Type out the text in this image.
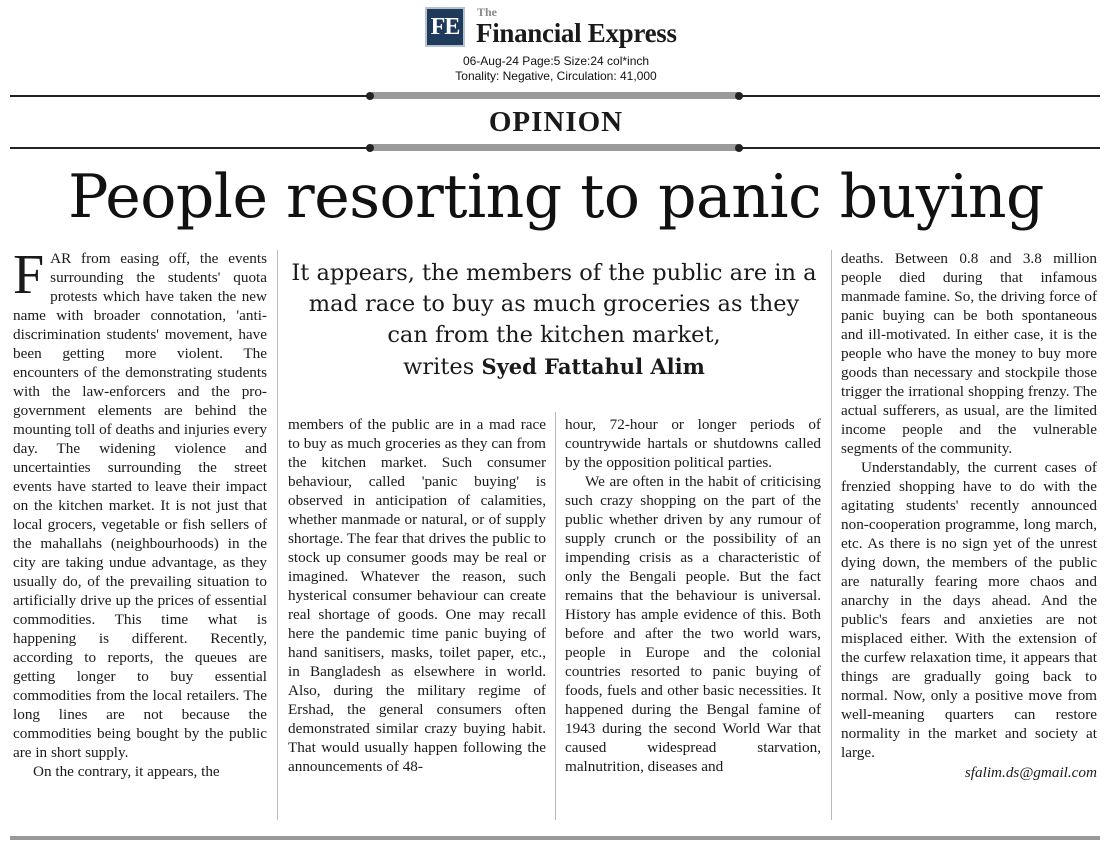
FE
The
Financial Express
06-Aug-24 Page:5 Size:24 col*inch
Tonality: Negative, Circulation: 41,000
OPINION
People resorting to panic buying
It appears, the members of the public are in a mad race to buy as much groceries as they can from the kitchen market,
writes Syed Fattahul Alim

FAR from easing off, the events surrounding the students' quota protests which have taken the new name with broader connotation, 'anti-discrimination students' movement, have been getting more violent. The encounters of the demonstrating students with the law-enforcers and the pro-government elements are behind the mounting toll of deaths and injuries every day. The widening violence and uncertainties surrounding the street events have started to leave their impact on the kitchen market. It is not just that local grocers, vegetable or fish sellers of the mahallahs (neighbourhoods) in the city are taking undue advantage, as they usually do, of the prevailing situation to artificially drive up the prices of essential commodities. This time what is happening is different. Recently, according to reports, the queues are getting longer to buy essential commodities from the local retailers. The long lines are not because the commodities being bought by the public are in short supply.

On the contrary, it appears, the

members of the public are in a mad race to buy as much groceries as they can from the kitchen market. Such consumer behaviour, called 'panic buying' is observed in anticipation of calamities, whether manmade or natural, or of supply shortage. The fear that drives the public to stock up consumer goods may be real or imagined. Whatever the reason, such hysterical consumer behaviour can create real shortage of goods. One may recall here the pandemic time panic buying of hand sanitisers, masks, toilet paper, etc., in Bangladesh as elsewhere in world. Also, during the military regime of Ershad, the general consumers often demonstrated similar crazy buying habit. That would usually happen following the announcements of 48-

hour, 72-hour or longer periods of countrywide hartals or shutdowns called by the opposition political parties.

We are often in the habit of criticising such crazy shopping on the part of the public whether driven by any rumour of supply crunch or the possibility of an impending crisis as a characteristic of only the Bengali people. But the fact remains that the behaviour is universal. History has ample evidence of this. Both before and after the two world wars, people in Europe and the colonial countries resorted to panic buying of foods, fuels and other basic necessities. It happened during the Bengal famine of 1943 during the second World War that caused widespread starvation, malnutrition, diseases and

deaths. Between 0.8 and 3.8 million people died during that infamous manmade famine. So, the driving force of panic buying can be both spontaneous and ill-motivated. In either case, it is the people who have the money to buy more goods than necessary and stockpile those trigger the irrational shopping frenzy. The actual sufferers, as usual, are the limited income people and the vulnerable segments of the community.

Understandably, the current cases of frenzied shopping have to do with the agitating students' recently announced non-cooperation programme, long march, etc. As there is no sign yet of the unrest dying down, the members of the public are naturally fearing more chaos and anarchy in the days ahead. And the public's fears and anxieties are not misplaced either. With the extension of the curfew relaxation time, it appears that things are gradually going back to normal. Now, only a positive move from well-meaning quarters can restore normality in the market and society at large.

sfalim.ds@gmail.com
